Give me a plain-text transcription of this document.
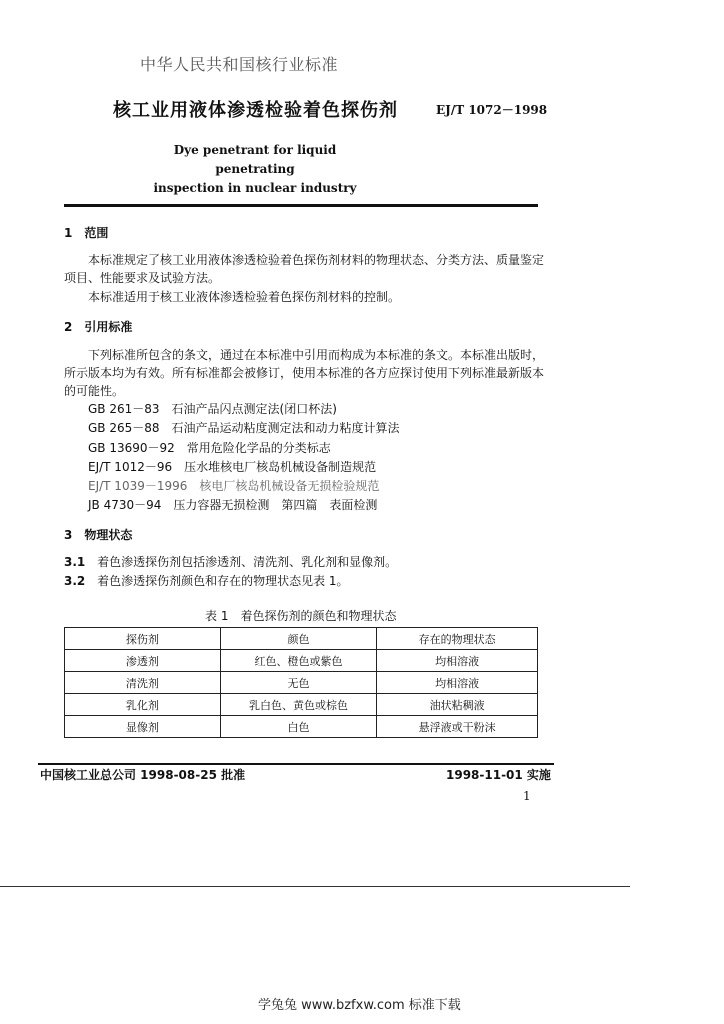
中华人民共和国核行业标准
核工业用液体渗透检验着色探伤剂	EJ/T 1072－1998
Dye penetrant for liquid penetrating
inspection in nuclear industry
1　范围
本标准规定了核工业用液体渗透检验着色探伤剂材料的物理状态、分类方法、质量鉴定
项目、性能要求及试验方法。
本标准适用于核工业液体渗透检验着色探伤剂材料的控制。
2　引用标准
下列标准所包含的条文，通过在本标准中引用而构成为本标准的条文。本标准出版时，
所示版本均为有效。所有标准都会被修订，使用本标准的各方应探讨使用下列标准最新版本
的可能性。
GB 261－83　石油产品闪点测定法(闭口杯法)
GB 265－88　石油产品运动粘度测定法和动力粘度计算法
GB 13690－92　常用危险化学品的分类标志
EJ/T 1012－96　压水堆核电厂核岛机械设备制造规范
EJ/T 1039－1996　核电厂核岛机械设备无损检验规范
JB 4730－94　压力容器无损检测　第四篇　表面检测
3　物理状态
3.1 着色渗透探伤剂包括渗透剂、清洗剂、乳化剂和显像剂。
3.2 着色渗透探伤剂颜色和存在的物理状态见表 1。
表 1　着色探伤剂的颜色和物理状态
探伤剂	颜色	存在的物理状态
渗透剂	红色、橙色或紫色	均相溶液
清洗剂	无色	均相溶液
乳化剂	乳白色、黄色或棕色	油状粘稠液
显像剂	白色	悬浮液或干粉沫
中国核工业总公司 1998-08-25 批准	1998-11-01 实施
1
学兔兔 www.bzfxw.com 标准下载
